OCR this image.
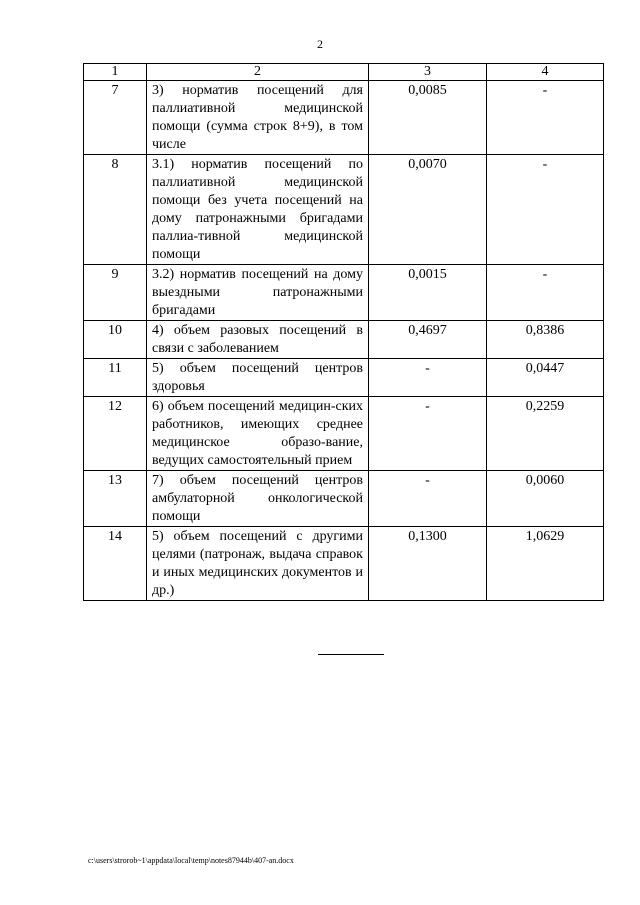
2
1	2	3	4
7	3) норматив посещений для паллиативной медицинской помощи (сумма строк 8+9), в том числе	0,0085	-
8	3.1) норматив посещений по паллиативной медицинской помощи без учета посещений на дому патронажными бригадами паллиа-тивной медицинской помощи	0,0070	-
9	3.2) норматив посещений на дому выездными патронажными бригадами	0,0015	-
10	4) объем разовых посещений в связи с заболеванием	0,4697	0,8386
11	5) объем посещений центров здоровья	-	0,0447
12	6) объем посещений медицин-ских работников, имеющих среднее медицинское образо-вание, ведущих самостоятельный прием	-	0,2259
13	7) объем посещений центров амбулаторной онкологической помощи	-	0,0060
14	5) объем посещений с другими целями (патронаж, выдача справок и иных медицинских документов и др.)	0,1300	1,0629
c:\users\strorob~1\appdata\local\temp\notes87944b\407-an.docx
